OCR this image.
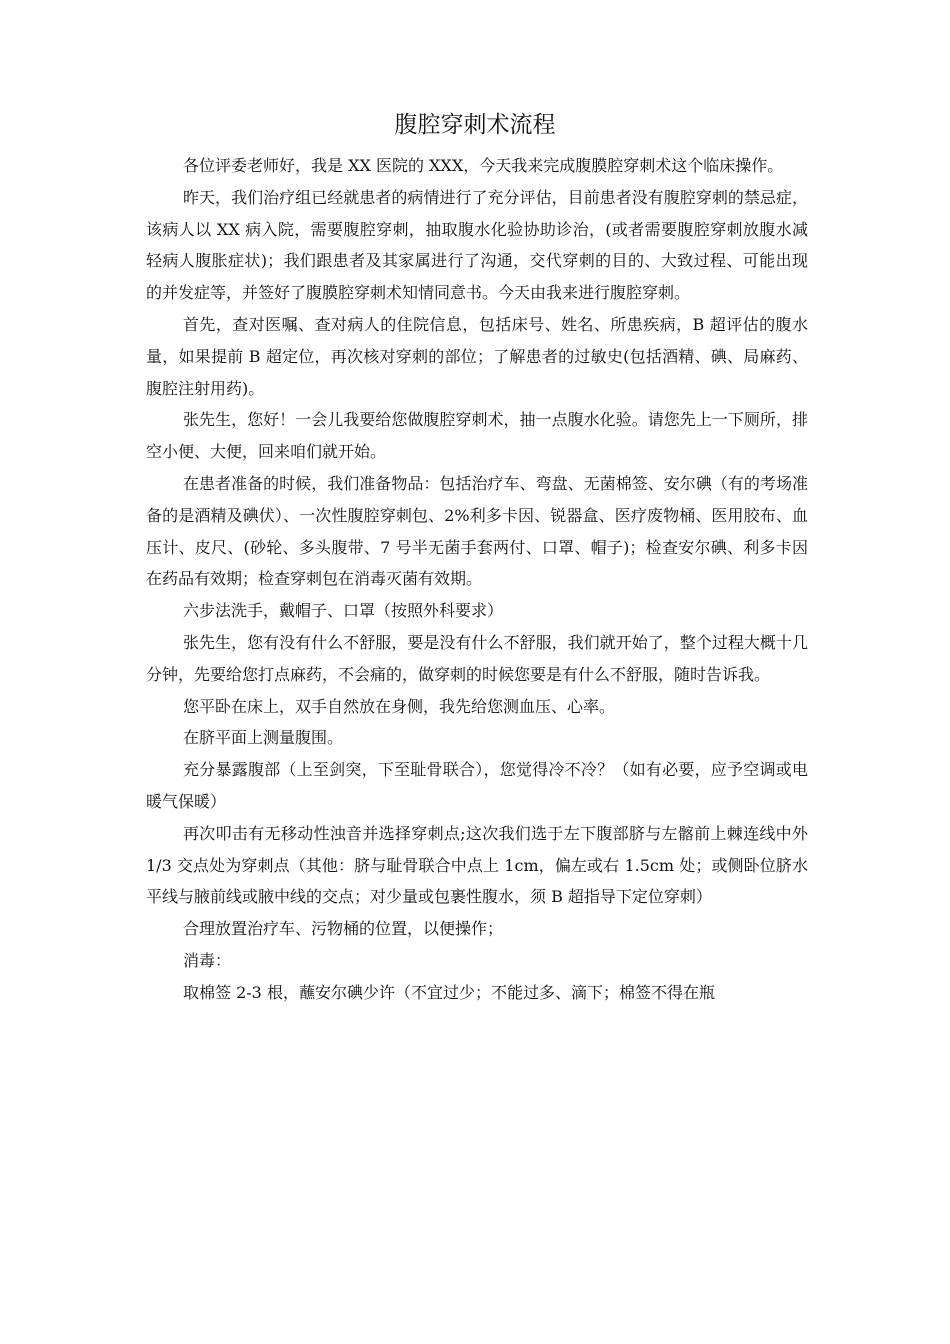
腹腔穿刺术流程

各位评委老师好，我是 XX 医院的 XXX，今天我来完成腹膜腔穿刺术这个临床操作。

昨天，我们治疗组已经就患者的病情进行了充分评估，目前患者没有腹腔穿刺的禁忌症，该病人以 XX 病入院，需要腹腔穿刺，抽取腹水化验协助诊治，(或者需要腹腔穿刺放腹水减轻病人腹胀症状)；我们跟患者及其家属进行了沟通，交代穿刺的目的、大致过程、可能出现的并发症等，并签好了腹膜腔穿刺术知情同意书。今天由我来进行腹腔穿刺。

首先，查对医嘱、查对病人的住院信息，包括床号、姓名、所患疾病，B 超评估的腹水量，如果提前 B 超定位，再次核对穿刺的部位；了解患者的过敏史(包括酒精、碘、局麻药、腹腔注射用药)。

张先生，您好！一会儿我要给您做腹腔穿刺术，抽一点腹水化验。请您先上一下厕所，排空小便、大便，回来咱们就开始。

在患者准备的时候，我们准备物品：包括治疗车、弯盘、无菌棉签、安尔碘（有的考场准备的是酒精及碘伏）、一次性腹腔穿刺包、2%利多卡因、锐器盒、医疗废物桶、医用胶布、血压计、皮尺、(砂轮、多头腹带、7 号半无菌手套两付、口罩、帽子)；检查安尔碘、利多卡因在药品有效期；检查穿刺包在消毒灭菌有效期。

六步法洗手，戴帽子、口罩（按照外科要求）

张先生，您有没有什么不舒服，要是没有什么不舒服，我们就开始了，整个过程大概十几分钟，先要给您打点麻药，不会痛的，做穿刺的时候您要是有什么不舒服，随时告诉我。

您平卧在床上，双手自然放在身侧，我先给您测血压、心率。

在脐平面上测量腹围。

充分暴露腹部（上至剑突，下至耻骨联合），您觉得冷不冷？（如有必要，应予空调或电暖气保暖）

再次叩击有无移动性浊音并选择穿刺点;这次我们选于左下腹部脐与左髂前上棘连线中外 1/3 交点处为穿刺点（其他：脐与耻骨联合中点上 1cm，偏左或右 1.5cm 处；或侧卧位脐水平线与腋前线或腋中线的交点；对少量或包裹性腹水，须 B 超指导下定位穿刺）

合理放置治疗车、污物桶的位置，以便操作；

消毒：

取棉签 2-3 根，蘸安尔碘少许（不宜过少；不能过多、滴下；棉签不得在瓶
